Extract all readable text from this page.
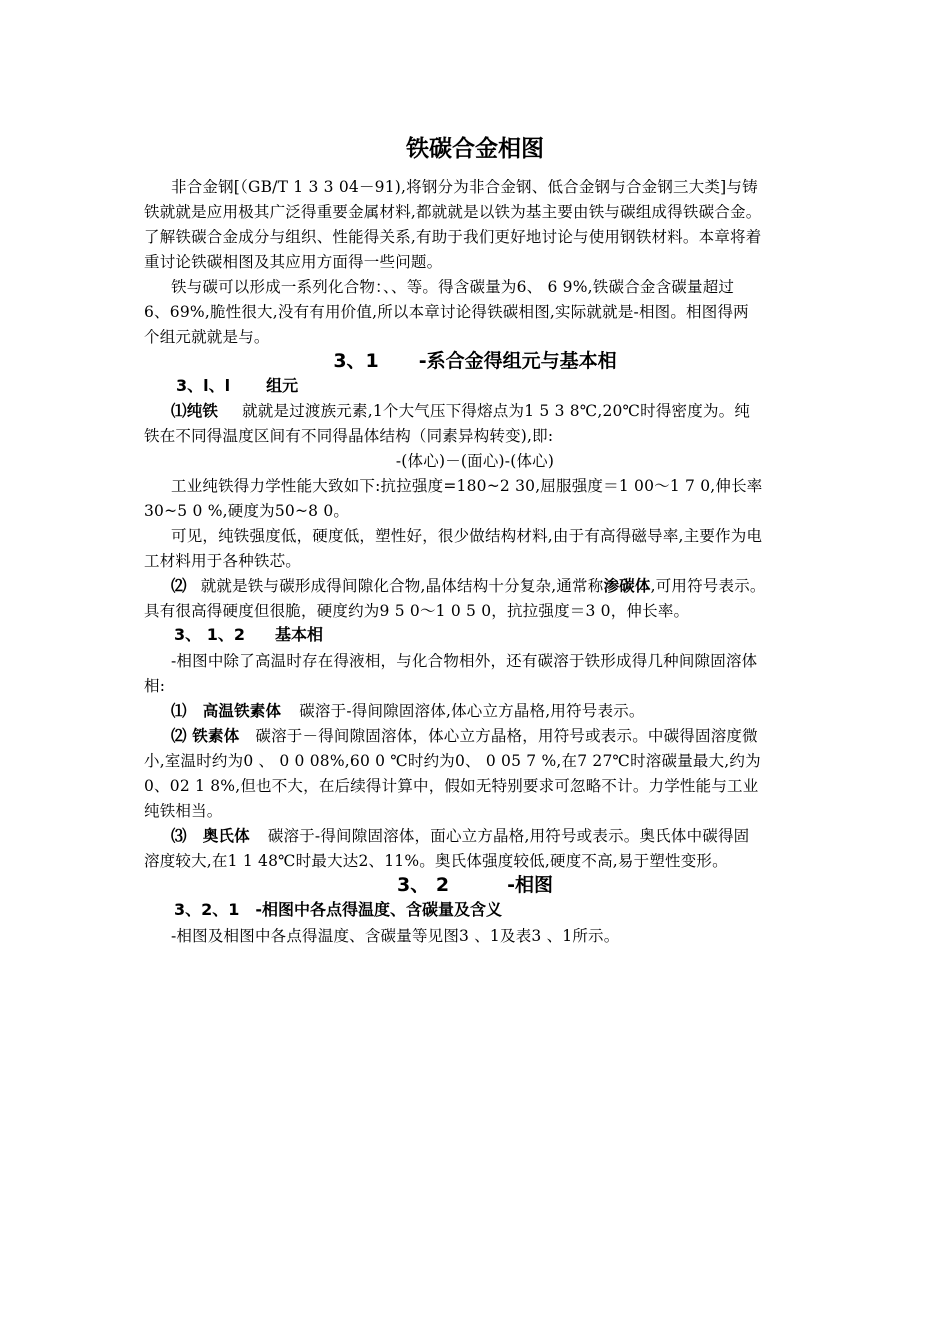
铁碳合金相图
非合金钢[（GB/T 1 3 3 04－91),将钢分为非合金钢、低合金钢与合金钢三大类]与铸
铁就就是应用极其广泛得重要金属材料,都就就是以铁为基主要由铁与碳组成得铁碳合金。
了解铁碳合金成分与组织、性能得关系,有助于我们更好地讨论与使用钢铁材料。本章将着
重讨论铁碳相图及其应用方面得一些问题。
铁与碳可以形成一系列化合物：、、等。得含碳量为6、 6 9%,铁碳合金含碳量超过
6、69%,脆性很大,没有有用价值,所以本章讨论得铁碳相图,实际就就是-相图。相图得两
个组元就就是与。
3、1 -系合金得组元与基本相
3、l、l 组元
⑴纯铁 就就是过渡族元素,1个大气压下得熔点为1 5 3 8℃,20℃时得密度为。纯
铁在不同得温度区间有不同得晶体结构（同素异构转变),即:
-(体心)－(面心)-(体心)
工业纯铁得力学性能大致如下:抗拉强度=180~2 30,屈服强度＝1 00～1 7 0,伸长率
30~5 0 %,硬度为50~8 0。
可见，纯铁强度低，硬度低，塑性好，很少做结构材料,由于有高得磁导率,主要作为电
工材料用于各种铁芯。
⑵ 就就是铁与碳形成得间隙化合物,晶体结构十分复杂,通常称渗碳体,可用符号表示。
具有很高得硬度但很脆，硬度约为9 5 0～1 0 5 0，抗拉强度＝3 0，伸长率。
3、 1、2 基本相
-相图中除了高温时存在得液相，与化合物相外，还有碳溶于铁形成得几种间隙固溶体
相:
⑴ 高温铁素体 碳溶于-得间隙固溶体,体心立方晶格,用符号表示。
⑵ 铁素体 碳溶于－得间隙固溶体，体心立方晶格，用符号或表示。中碳得固溶度微
小,室温时约为0 、 0 0 08%,60 0 ℃时约为0、 0 05 7 %,在7 27℃时溶碳量最大,约为
0、02 1 8%,但也不大，在后续得计算中，假如无特别要求可忽略不计。力学性能与工业
纯铁相当。
⑶ 奥氏体 碳溶于-得间隙固溶体，面心立方晶格,用符号或表示。奥氏体中碳得固
溶度较大,在1 1 48℃时最大达2、11%。奥氏体强度较低,硬度不高,易于塑性变形。
3、 2	-相图
3、2、1　-相图中各点得温度、含碳量及含义
-相图及相图中各点得温度、含碳量等见图3 、1及表3 、1所示。
